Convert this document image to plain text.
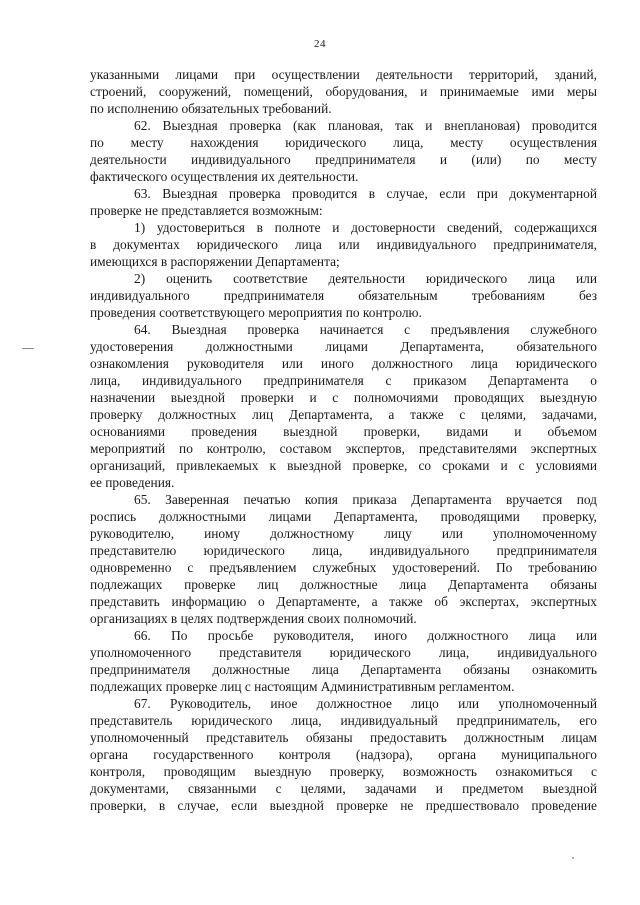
24
указанными лицами при осуществлении деятельности территорий, зданий,
строений, сооружений, помещений, оборудования, и принимаемые ими меры
по исполнению обязательных требований.
62. Выездная проверка (как плановая, так и внеплановая) проводится
по месту нахождения юридического лица, месту осуществления
деятельности индивидуального предпринимателя и (или) по месту
фактического осуществления их деятельности.
63. Выездная проверка проводится в случае, если при документарной
проверке не представляется возможным:
1) удостовериться в полноте и достоверности сведений, содержащихся
в документах юридического лица или индивидуального предпринимателя,
имеющихся в распоряжении Департамента;
2) оценить соответствие деятельности юридического лица или
индивидуального предпринимателя обязательным требованиям без
проведения соответствующего мероприятия по контролю.
64. Выездная проверка начинается с предъявления служебного
удостоверения должностными лицами Департамента, обязательного
ознакомления руководителя или иного должностного лица юридического
лица, индивидуального предпринимателя с приказом Департамента о
назначении выездной проверки и с полномочиями проводящих выездную
проверку должностных лиц Департамента, а также с целями, задачами,
основаниями проведения выездной проверки, видами и объемом
мероприятий по контролю, составом экспертов, представителями экспертных
организаций, привлекаемых к выездной проверке, со сроками и с условиями
ее проведения.
65. Заверенная печатью копия приказа Департамента вручается под
роспись должностными лицами Департамента, проводящими проверку,
руководителю, иному должностному лицу или уполномоченному
представителю юридического лица, индивидуального предпринимателя
одновременно с предъявлением служебных удостоверений. По требованию
подлежащих проверке лиц должностные лица Департамента обязаны
представить информацию о Департаменте, а также об экспертах, экспертных
организациях в целях подтверждения своих полномочий.
66. По просьбе руководителя, иного должностного лица или
уполномоченного представителя юридического лица, индивидуального
предпринимателя должностные лица Департамента обязаны ознакомить
подлежащих проверке лиц с настоящим Административным регламентом.
67. Руководитель, иное должностное лицо или уполномоченный
представитель юридического лица, индивидуальный предприниматель, его
уполномоченный представитель обязаны предоставить должностным лицам
органа государственного контроля (надзора), органа муниципального
контроля, проводящим выездную проверку, возможность ознакомиться с
документами, связанными с целями, задачами и предметом выездной
проверки, в случае, если выездной проверке не предшествовало проведение
